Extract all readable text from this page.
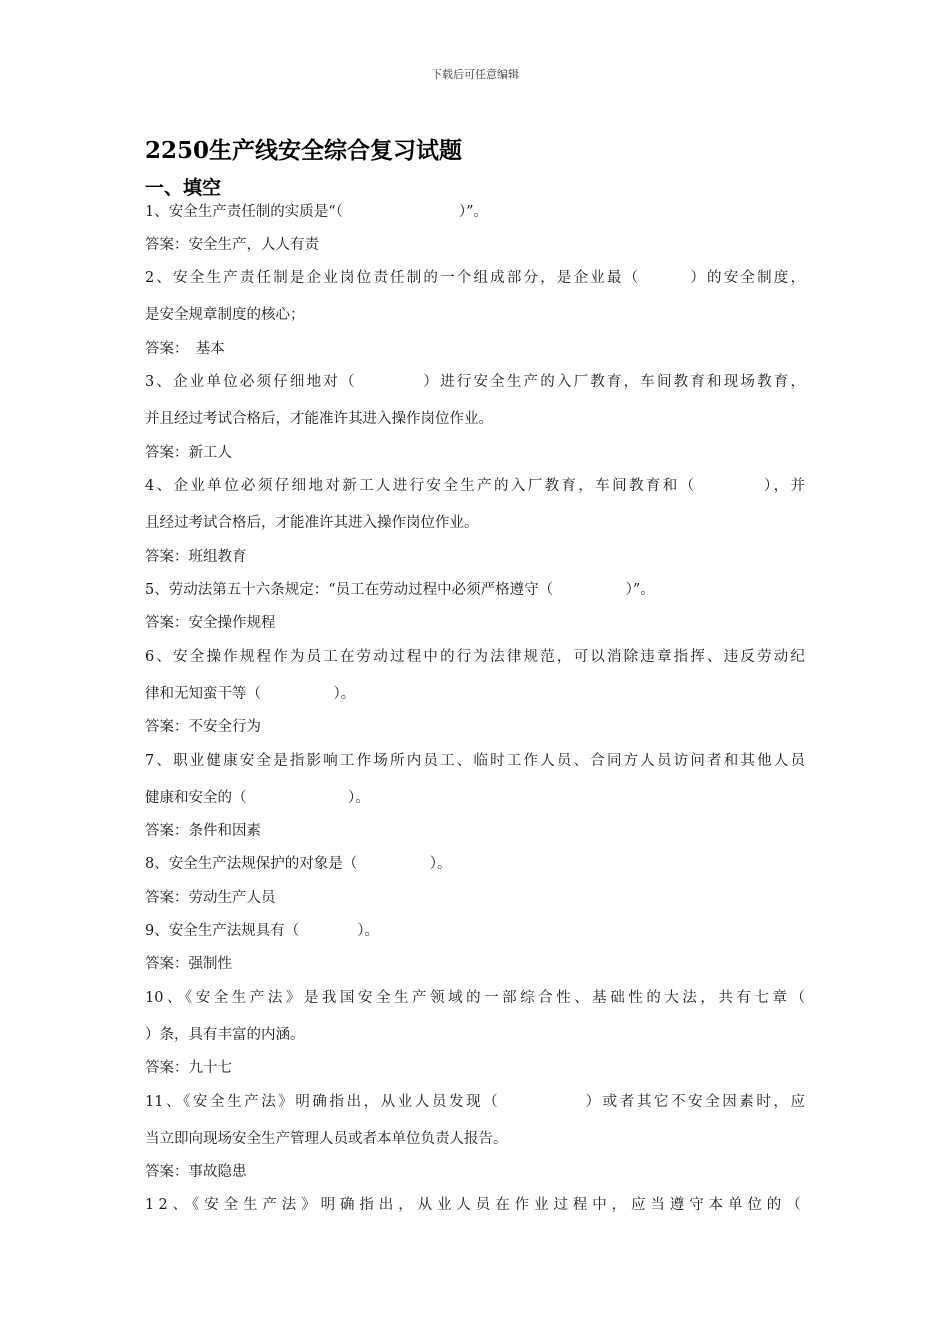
下载后可任意编辑
2250生产线安全综合复习试题
一、填空
1、安全生产责任制的实质是“（　　　　　　　　）”。
答案：安全生产，人人有责
2、安全生产责任制是企业岗位责任制的一个组成部分，是企业最（　　　）的安全制度，
是安全规章制度的核心；
答案：　基本
3、企业单位必须仔细地对（　　　　）进行安全生产的入厂教育，车间教育和现场教育，
并且经过考试合格后，才能准许其进入操作岗位作业。
答案：新工人
4、企业单位必须仔细地对新工人进行安全生产的入厂教育，车间教育和（　　　　），并
且经过考试合格后，才能准许其进入操作岗位作业。
答案：班组教育
5、劳动法第五十六条规定：“员工在劳动过程中必须严格遵守（　　　　　）”。
答案：安全操作规程
6、安全操作规程作为员工在劳动过程中的行为法律规范，可以消除违章指挥、违反劳动纪
律和无知蛮干等（　　　　　）。
答案：不安全行为
7、职业健康安全是指影响工作场所内员工、临时工作人员、合同方人员访问者和其他人员
健康和安全的（　　　　　　　）。
答案：条件和因素
8、安全生产法规保护的对象是（　　　　　）。
答案：劳动生产人员
9、安全生产法规具有（　　　　）。
答案：强制性
10、《安全生产法》是我国安全生产领域的一部综合性、基础性的大法，共有七章（
）条，具有丰富的内涵。
答案：九十七
11、《安全生产法》明确指出，从业人员发现（　　　　　）或者其它不安全因素时，应
当立即向现场安全生产管理人员或者本单位负责人报告。
答案：事故隐患
12、《安全生产法》明确指出，从业人员在作业过程中，应当遵守本单位的（
